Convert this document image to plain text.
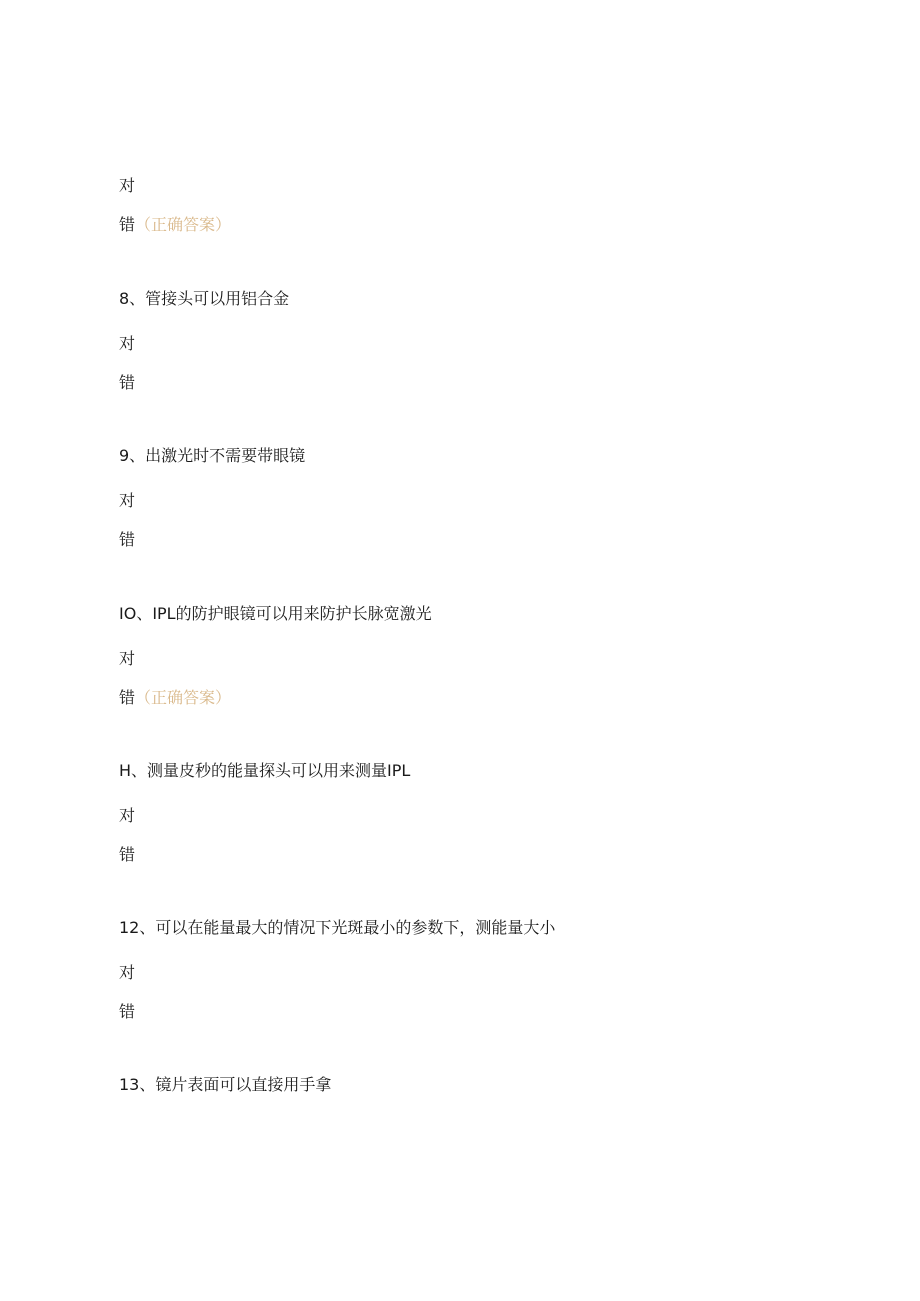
对
错（正确答案）
8、管接头可以用铝合金
对
错
9、出激光时不需要带眼镜
对
错
IO、IPL的防护眼镜可以用来防护长脉宽激光
对
错（正确答案）
H、测量皮秒的能量探头可以用来测量IPL
对
错
12、可以在能量最大的情况下光斑最小的参数下，测能量大小
对
错
13、镜片表面可以直接用手拿
